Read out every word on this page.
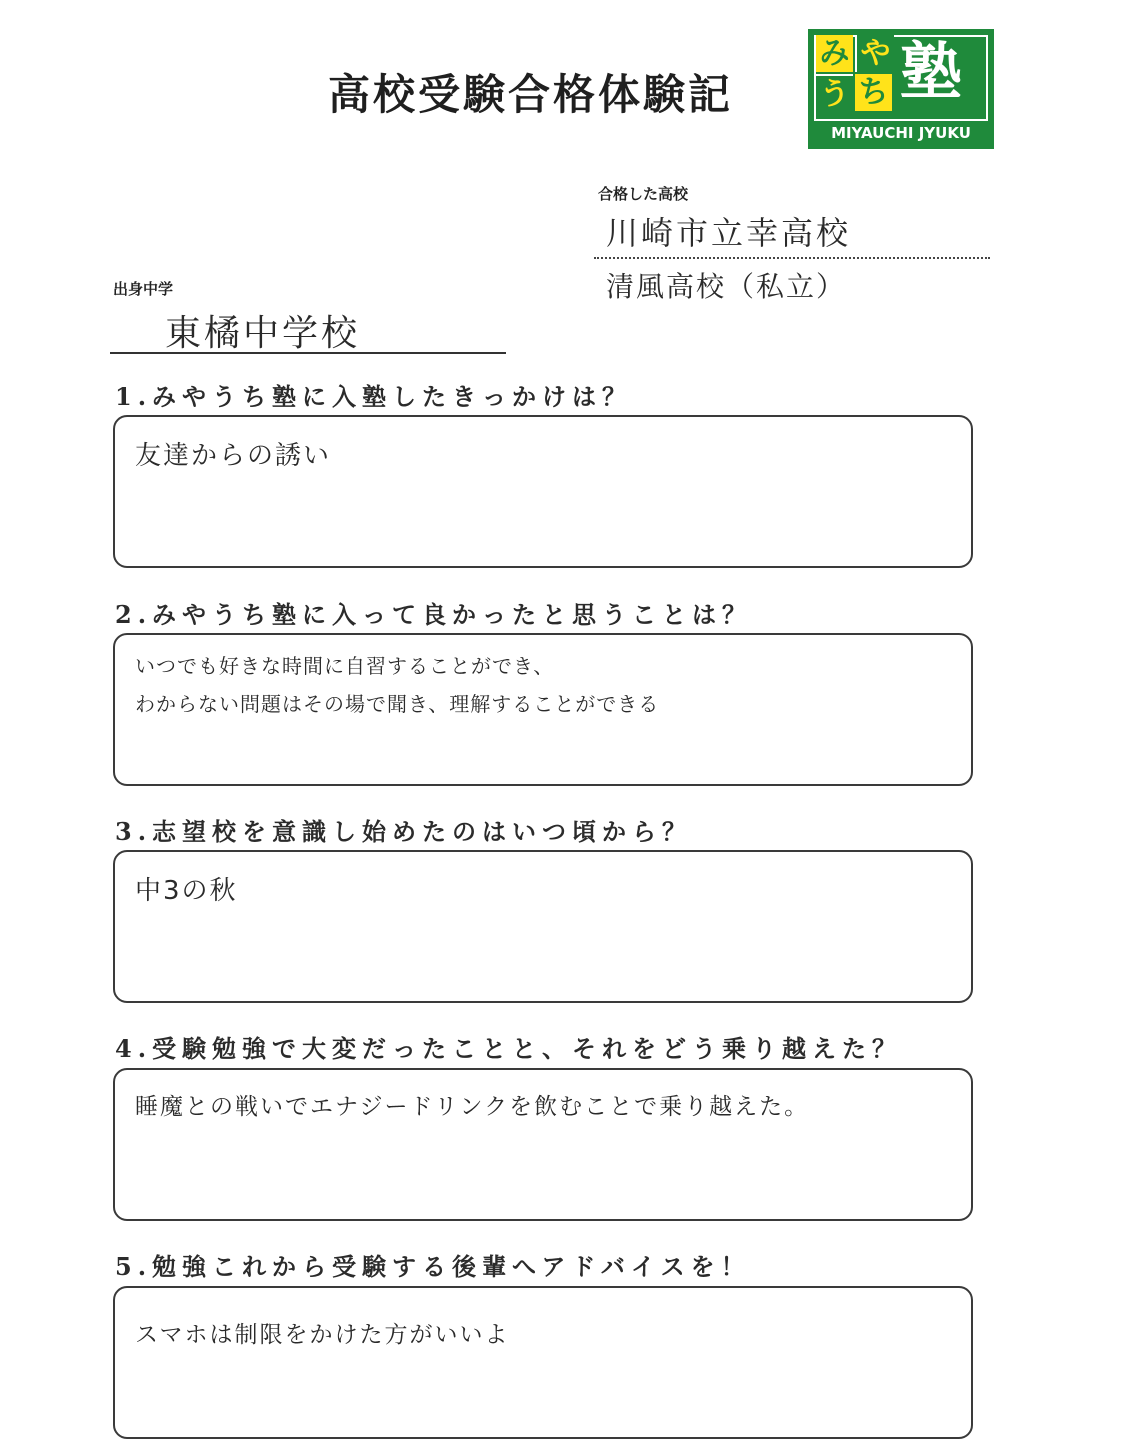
高校受験合格体験記
み や
う ち 塾
MIYAUCHI JYUKU
合格した高校
川崎市立幸高校
清風高校（私立）
出身中学
東橘中学校
1.みやうち塾に入塾したきっかけは？
友達からの誘い
2.みやうち塾に入って良かったと思うことは？
いつでも好きな時間に自習することができ、
わからない問題はその場で聞き、理解することができる
3.志望校を意識し始めたのはいつ頃から？
中3の秋
4.受験勉強で大変だったことと、それをどう乗り越えた？
睡魔との戦いでエナジードリンクを飲むことで乗り越えた。
5.勉強これから受験する後輩へアドバイスを！
スマホは制限をかけた方がいいよ
